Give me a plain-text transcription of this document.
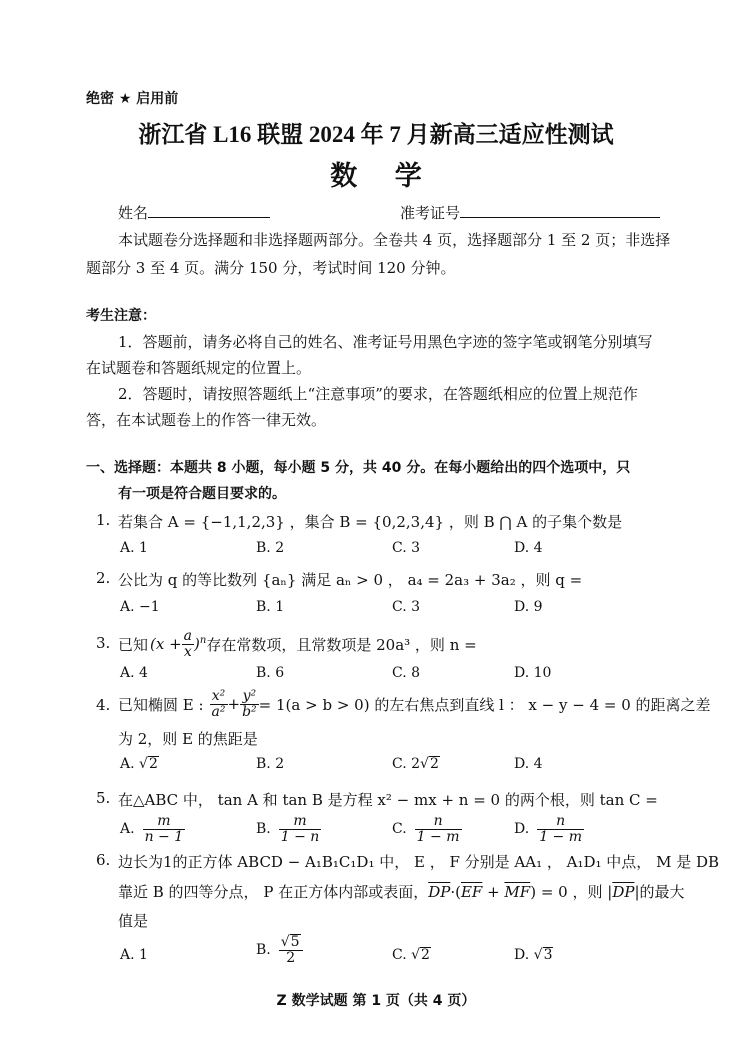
绝密 ★ 启用前
浙江省 L16 联盟 2024 年 7 月新高三适应性测试
数    学
姓名	准考证号
本试题卷分选择题和非选择题两部分。全卷共 4 页，选择题部分 1 至 2 页；非选择
题部分 3 至 4 页。满分 150 分，考试时间 120 分钟。
考生注意：
1．答题前，请务必将自己的姓名、准考证号用黑色字迹的签字笔或钢笔分别填写
在试题卷和答题纸规定的位置上。
2．答题时，请按照答题纸上“注意事项”的要求，在答题纸相应的位置上规范作
答，在本试题卷上的作答一律无效。
一、选择题：本题共 8 小题，每小题 5 分，共 40 分。在每小题给出的四个选项中，只
有一项是符合题目要求的。
1. 若集合 A = {−1,1,2,3} ，集合 B = {0,2,3,4} ，则 B ⋂ A 的子集个数是
A. 1	B. 2	C. 3	D. 4
2. 公比为 q 的等比数列 {aₙ} 满足 aₙ > 0 ， a₄ = 2a₃ + 3a₂ ，则 q =
A. −1	B. 1	C. 3	D. 9
3. 已知 $(x + \frac{a}{x} )^n$ 存在常数项，且常数项是 20a³ ，则 n =
A. 4	B. 6	C. 8	D. 10
4. 已知椭圆 E : $\frac{\text{x²}}{\text{a²}} + \frac{\text{y²}}{\text{b²}} = 1(a > b > 0)$ 的左右焦点到直线 l ： x − y − 4 = 0 的距离之差
为 2，则 E 的焦距是
A. √2	B. 2	C. 2√2	D. 4
5. 在△ABC 中， tan A 和 tan B 是方程 x² − mx + n = 0 的两个根，则 tan C =
A. $\frac{m}{n - 1}$	B. $\frac{m}{1 - n}$	C. $\frac{n}{1 - m}$	D. $\frac{n}{1 - m}$
6. 边长为1的正方体 ABCD − A₁B₁C₁D₁ 中， E ， F 分别是 AA₁ ， A₁D₁ 中点， M 是 DB
靠近 B 的四等分点， P 在正方体内部或表面，$\overline{DP}\cdot(\overline{EF} + \overline{MF}) = 0$ ，则 $|\overline{DP}|$的最大
值是
A. 1	B. $\frac{√5}{2}$	C. √2	D. √3
Z 数学试题 第 1 页（共 4 页）
